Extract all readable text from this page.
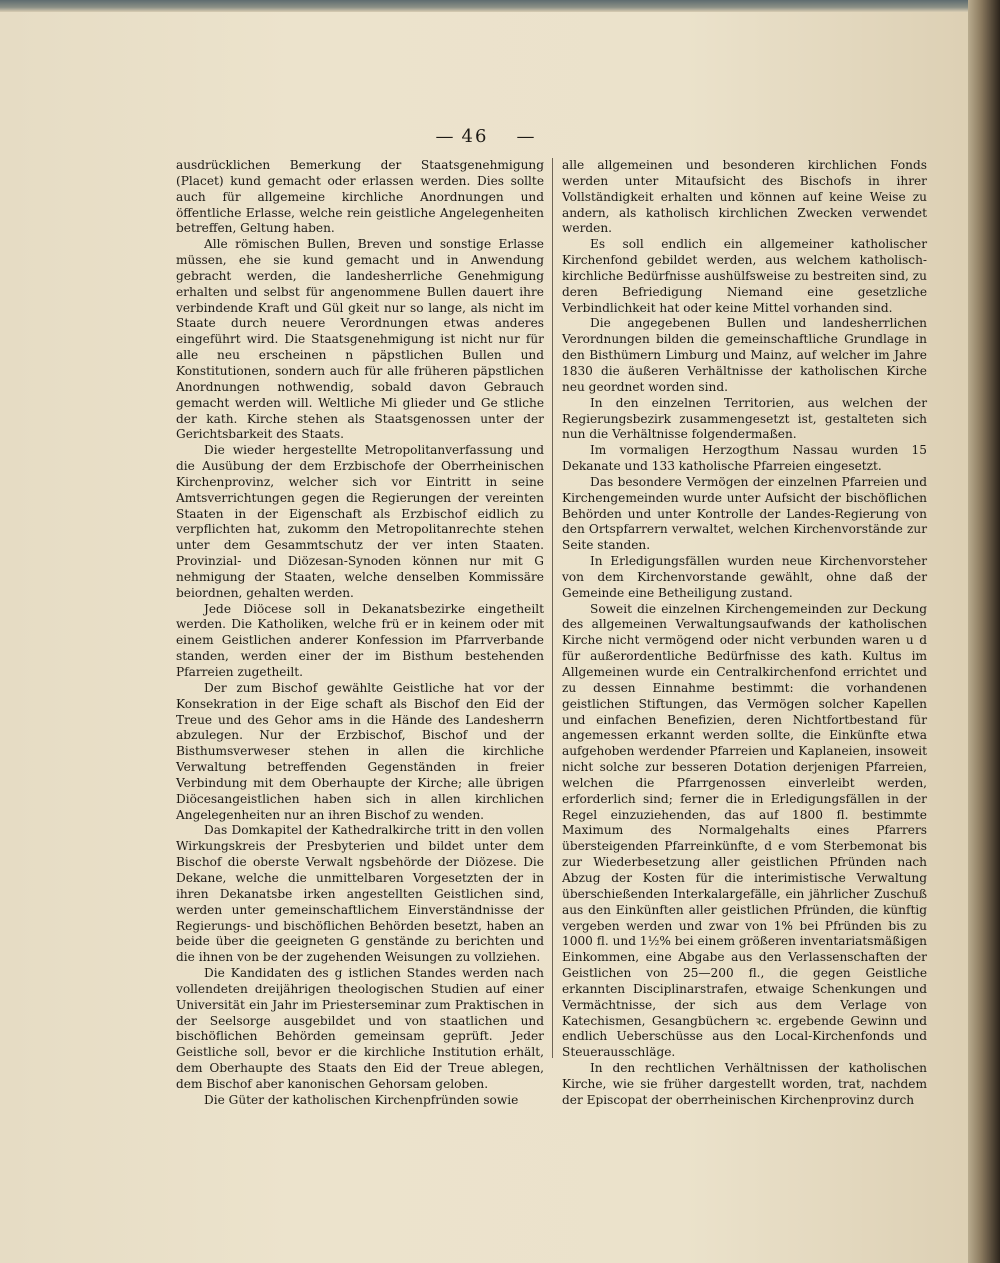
— 46 —

ausdrücklichen Bemerkung der Staatsgenehmigung (Placet) kund gemacht oder erlassen werden. Dies sollte auch für allgemeine kirchliche Anordnungen und öffentliche Erlasse, welche rein geistliche Angelegenheiten betreffen, Geltung haben.

Alle römischen Bullen, Breven und sonstige Erlasse müssen, ehe sie kund gemacht und in Anwendung gebracht werden, die landesherrliche Genehmigung erhalten und selbst für angenommene Bullen dauert ihre verbindende Kraft und Gül gkeit nur so lange, als nicht im Staate durch neuere Verordnungen etwas anderes eingeführt wird. Die Staatsgenehmigung ist nicht nur für alle neu erscheinen n päpstlichen Bullen und Konstitutionen, sondern auch für alle früheren päpstlichen Anordnungen nothwendig, sobald davon Gebrauch gemacht werden will. Weltliche Mi glieder und Ge stliche der kath. Kirche stehen als Staatsgenossen unter der Gerichtsbarkeit des Staats.

Die wieder hergestellte Metropolitanverfassung und die Ausübung der dem Erzbischofe der Oberrheinischen Kirchenprovinz, welcher sich vor Eintritt in seine Amtsverrichtungen gegen die Regierungen der vereinten Staaten in der Eigenschaft als Erzbischof eidlich zu verpflichten hat, zukomm den Metropolitanrechte stehen unter dem Gesammtschutz der ver inten Staaten. Provinzial- und Diözesan-Synoden können nur mit G nehmigung der Staaten, welche denselben Kommissäre beiordnen, gehalten werden.

Jede Diöcese soll in Dekanatsbezirke eingetheilt werden. Die Katholiken, welche frü er in keinem oder mit einem Geistlichen anderer Konfession im Pfarrverbande standen, werden einer der im Bisthum bestehenden Pfarreien zugetheilt.

Der zum Bischof gewählte Geistliche hat vor der Konsekration in der Eige schaft als Bischof den Eid der Treue und des Gehor ams in die Hände des Landesherrn abzulegen. Nur der Erzbischof, Bischof und der Bisthumsverweser stehen in allen die kirchliche Verwaltung betreffenden Gegenständen in freier Verbindung mit dem Oberhaupte der Kirche; alle übrigen Diöcesangeistlichen haben sich in allen kirchlichen Angelegenheiten nur an ihren Bischof zu wenden.

Das Domkapitel der Kathedralkirche tritt in den vollen Wirkungskreis der Presbyterien und bildet unter dem Bischof die oberste Verwalt ngsbehörde der Diözese. Die Dekane, welche die unmittelbaren Vorgesetzten der in ihren Dekanatsbe irken angestellten Geistlichen sind, werden unter gemeinschaftlichem Einverständnisse der Regierungs- und bischöflichen Behörden besetzt, haben an beide über die geeigneten G genstände zu berichten und die ihnen von be der zugehenden Weisungen zu vollziehen.

Die Kandidaten des g istlichen Standes werden nach vollendeten dreijährigen theologischen Studien auf einer Universität ein Jahr im Priesterseminar zum Praktischen in der Seelsorge ausgebildet und von staatlichen und bischöflichen Behörden gemeinsam geprüft. Jeder Geistliche soll, bevor er die kirchliche Institution erhält, dem Oberhaupte des Staats den Eid der Treue ablegen, dem Bischof aber kanonischen Gehorsam geloben.

Die Güter der katholischen Kirchenpfründen sowie

alle allgemeinen und besonderen kirchlichen Fonds werden unter Mitaufsicht des Bischofs in ihrer Vollständigkeit erhalten und können auf keine Weise zu andern, als katholisch kirchlichen Zwecken verwendet werden.

Es soll endlich ein allgemeiner katholischer Kirchenfond gebildet werden, aus welchem katholisch-kirchliche Bedürfnisse aushülfsweise zu bestreiten sind, zu deren Befriedigung Niemand eine gesetzliche Verbindlichkeit hat oder keine Mittel vorhanden sind.

Die angegebenen Bullen und landesherrlichen Verordnungen bilden die gemeinschaftliche Grundlage in den Bisthümern Limburg und Mainz, auf welcher im Jahre 1830 die äußeren Verhältnisse der katholischen Kirche neu geordnet worden sind.

In den einzelnen Territorien, aus welchen der Regierungsbezirk zusammengesetzt ist, gestalteten sich nun die Verhältnisse folgendermaßen.

Im vormaligen Herzogthum Nassau wurden 15 Dekanate und 133 katholische Pfarreien eingesetzt.

Das besondere Vermögen der einzelnen Pfarreien und Kirchengemeinden wurde unter Aufsicht der bischöflichen Behörden und unter Kontrolle der Landes-Regierung von den Ortspfarrern verwaltet, welchen Kirchenvorstände zur Seite standen.

In Erledigungsfällen wurden neue Kirchenvorsteher von dem Kirchenvorstande gewählt, ohne daß der Gemeinde eine Betheiligung zustand.

Soweit die einzelnen Kirchengemeinden zur Deckung des allgemeinen Verwaltungsaufwands der katholischen Kirche nicht vermögend oder nicht verbunden waren u d für außerordentliche Bedürfnisse des kath. Kultus im Allgemeinen wurde ein Centralkirchenfond errichtet und zu dessen Einnahme bestimmt: die vorhandenen geistlichen Stiftungen, das Vermögen solcher Kapellen und einfachen Benefizien, deren Nichtfortbestand für angemessen erkannt werden sollte, die Einkünfte etwa aufgehoben werdender Pfarreien und Kaplaneien, insoweit nicht solche zur besseren Dotation derjenigen Pfarreien, welchen die Pfarrgenossen einverleibt werden, erforderlich sind; ferner die in Erledigungsfällen in der Regel einzuziehenden, das auf 1800 fl. bestimmte Maximum des Normalgehalts eines Pfarrers übersteigenden Pfarreinkünfte, d e vom Sterbemonat bis zur Wiederbesetzung aller geistlichen Pfründen nach Abzug der Kosten für die interimistische Verwaltung überschießenden Interkalargefälle, ein jährlicher Zuschuß aus den Einkünften aller geistlichen Pfründen, die künftig vergeben werden und zwar von 1% bei Pfründen bis zu 1000 fl. und 1½% bei einem größeren inventariatsmäßigen Einkommen, eine Abgabe aus den Verlassenschaften der Geistlichen von 25—200 fl., die gegen Geistliche erkannten Disciplinarstrafen, etwaige Schenkungen und Vermächtnisse, der sich aus dem Verlage von Katechismen, Gesangbüchern ꝛc. ergebende Gewinn und endlich Ueberschüsse aus den Local-Kirchenfonds und Steuerausschläge.

In den rechtlichen Verhältnissen der katholischen Kirche, wie sie früher dargestellt worden, trat, nachdem der Episcopat der oberrheinischen Kirchenprovinz durch
